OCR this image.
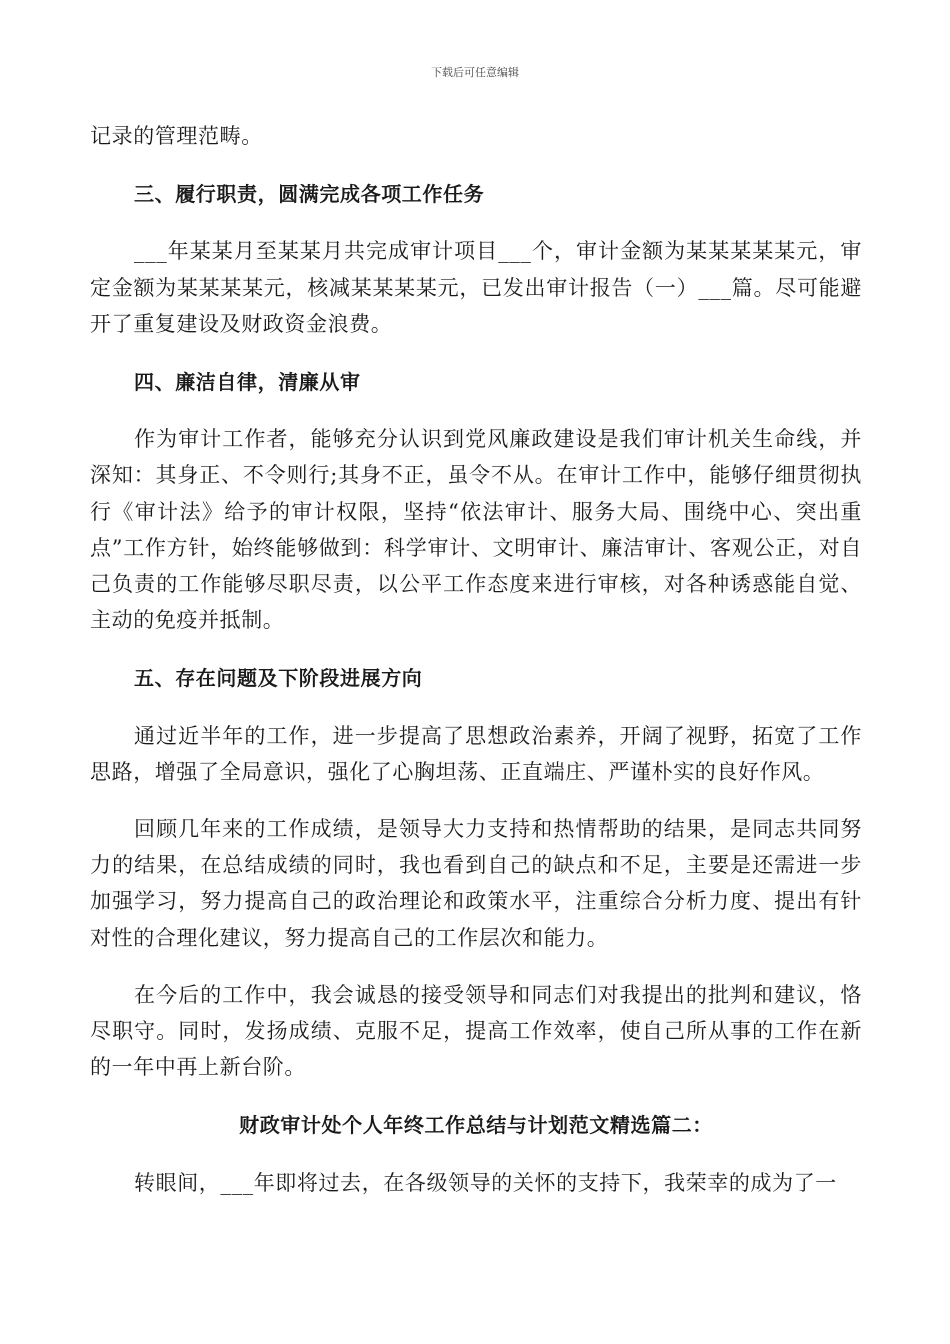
下载后可任意编辑

记录的管理范畴。

三、履行职责，圆满完成各项工作任务

___年某某月至某某月共完成审计项目___个，审计金额为某某某某某元，审定金额为某某某某元，核减某某某某元，已发出审计报告（一）___篇。尽可能避开了重复建设及财政资金浪费。

四、廉洁自律，清廉从审

作为审计工作者，能够充分认识到党风廉政建设是我们审计机关生命线，并深知：其身正、不令则行;其身不正，虽令不从。在审计工作中，能够仔细贯彻执行《审计法》给予的审计权限，坚持“依法审计、服务大局、围绕中心、突出重点”工作方针，始终能够做到：科学审计、文明审计、廉洁审计、客观公正，对自己负责的工作能够尽职尽责，以公平工作态度来进行审核，对各种诱惑能自觉、主动的免疫并抵制。

五、存在问题及下阶段进展方向

通过近半年的工作，进一步提高了思想政治素养，开阔了视野，拓宽了工作思路，增强了全局意识，强化了心胸坦荡、正直端庄、严谨朴实的良好作风。

回顾几年来的工作成绩，是领导大力支持和热情帮助的结果，是同志共同努力的结果，在总结成绩的同时，我也看到自己的缺点和不足，主要是还需进一步加强学习，努力提高自己的政治理论和政策水平，注重综合分析力度、提出有针对性的合理化建议，努力提高自己的工作层次和能力。

在今后的工作中，我会诚恳的接受领导和同志们对我提出的批判和建议，恪尽职守。同时，发扬成绩、克服不足，提高工作效率，使自己所从事的工作在新的一年中再上新台阶。

财政审计处个人年终工作总结与计划范文精选篇二：

转眼间，___年即将过去，在各级领导的关怀的支持下，我荣幸的成为了一
